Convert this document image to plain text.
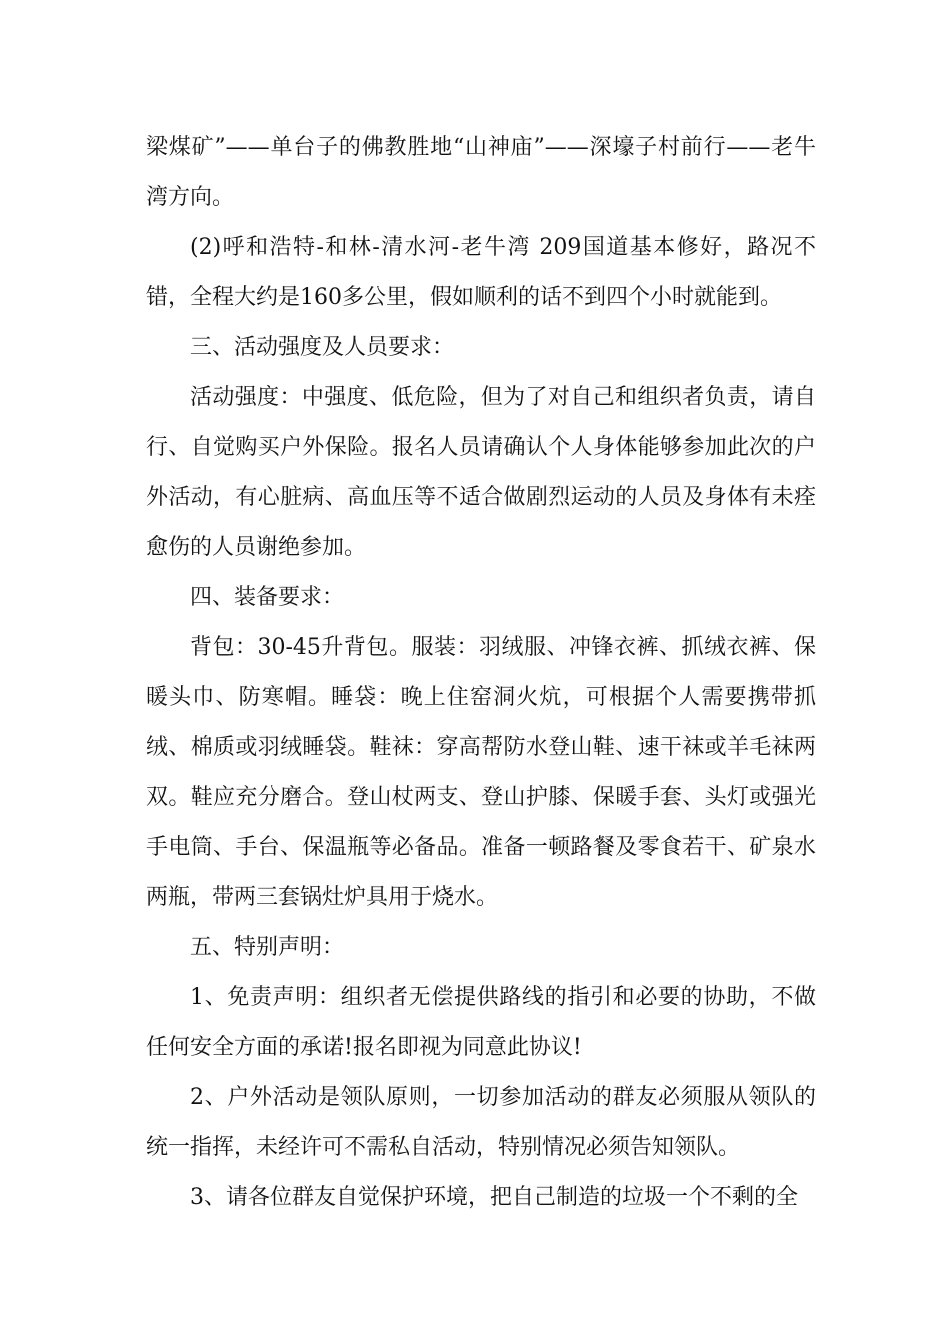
梁煤矿”——单台子的佛教胜地“山神庙”——深壕子村前行——老牛湾方向。

(2)呼和浩特-和林-清水河-老牛湾 209国道基本修好，路况不错，全程大约是160多公里，假如顺利的话不到四个小时就能到。

三、活动强度及人员要求：

活动强度：中强度、低危险，但为了对自己和组织者负责，请自行、自觉购买户外保险。报名人员请确认个人身体能够参加此次的户外活动，有心脏病、高血压等不适合做剧烈运动的人员及身体有未痊愈伤的人员谢绝参加。

四、装备要求：

背包：30-45升背包。服装：羽绒服、冲锋衣裤、抓绒衣裤、保暖头巾、防寒帽。睡袋：晚上住窑洞火炕，可根据个人需要携带抓绒、棉质或羽绒睡袋。鞋袜：穿高帮防水登山鞋、速干袜或羊毛袜两双。鞋应充分磨合。登山杖两支、登山护膝、保暖手套、头灯或强光手电筒、手台、保温瓶等必备品。准备一顿路餐及零食若干、矿泉水两瓶，带两三套锅灶炉具用于烧水。

五、特别声明：

1、免责声明：组织者无偿提供路线的指引和必要的协助，不做任何安全方面的承诺!报名即视为同意此协议!

2、户外活动是领队原则，一切参加活动的群友必须服从领队的统一指挥，未经许可不需私自活动，特别情况必须告知领队。

3、请各位群友自觉保护环境，把自己制造的垃圾一个不剩的全
